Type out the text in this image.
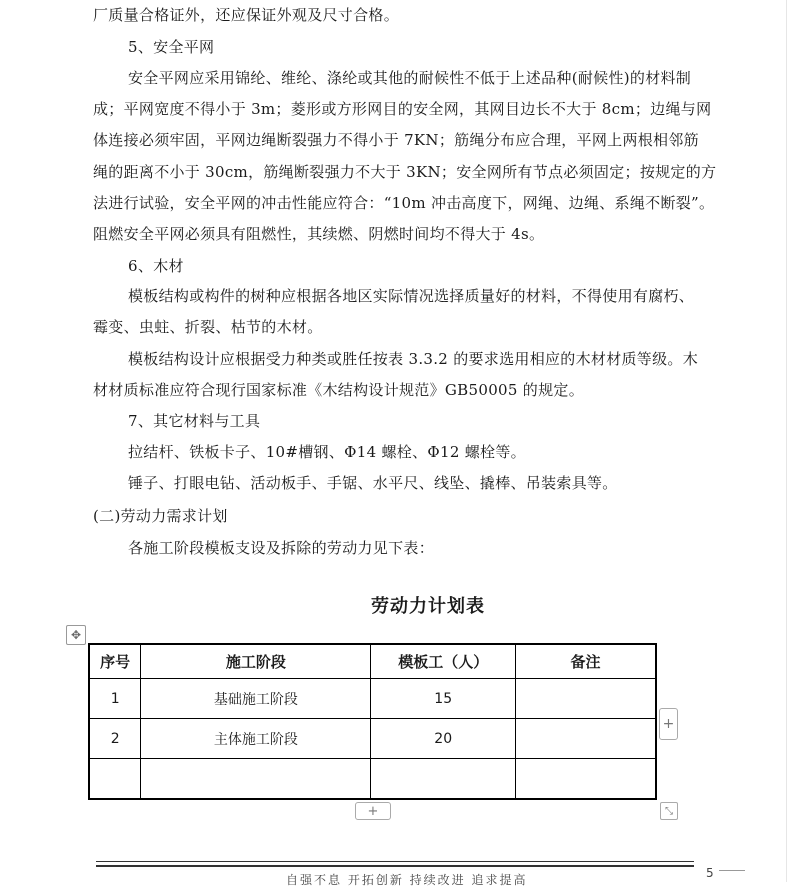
厂质量合格证外，还应保证外观及尺寸合格。
5、安全平网
安全平网应采用锦纶、维纶、涤纶或其他的耐候性不低于上述品种(耐候性)的材料制
成；平网宽度不得小于 3m；菱形或方形网目的安全网，其网目边长不大于 8cm；边绳与网
体连接必须牢固，平网边绳断裂强力不得小于 7KN；筋绳分布应合理，平网上两根相邻筋
绳的距离不小于 30cm，筋绳断裂强力不大于 3KN；安全网所有节点必须固定；按规定的方
法进行试验，安全平网的冲击性能应符合：“10m 冲击高度下，网绳、边绳、系绳不断裂”。
阻燃安全平网必须具有阻燃性，其续燃、阴燃时间均不得大于 4s。
6、木材
模板结构或构件的树种应根据各地区实际情况选择质量好的材料，不得使用有腐朽、
霉变、虫蛀、折裂、枯节的木材。
模板结构设计应根据受力种类或胜任按表 3.3.2 的要求选用相应的木材材质等级。木
材材质标准应符合现行国家标准《木结构设计规范》GB50005 的规定。
7、其它材料与工具
拉结杆、铁板卡子、10#槽钢、Φ14 螺栓、Φ12 螺栓等。
锤子、打眼电钻、活动板手、手锯、水平尺、线坠、撬棒、吊装索具等。
(二)劳动力需求计划
各施工阶段模板支设及拆除的劳动力见下表：
劳动力计划表
✥
序号	施工阶段	模板工（人）	备注
1	基础施工阶段	15	
2	主体施工阶段	20	

+
+	⤡
自强不息 开拓创新 持续改进 追求提高	5
